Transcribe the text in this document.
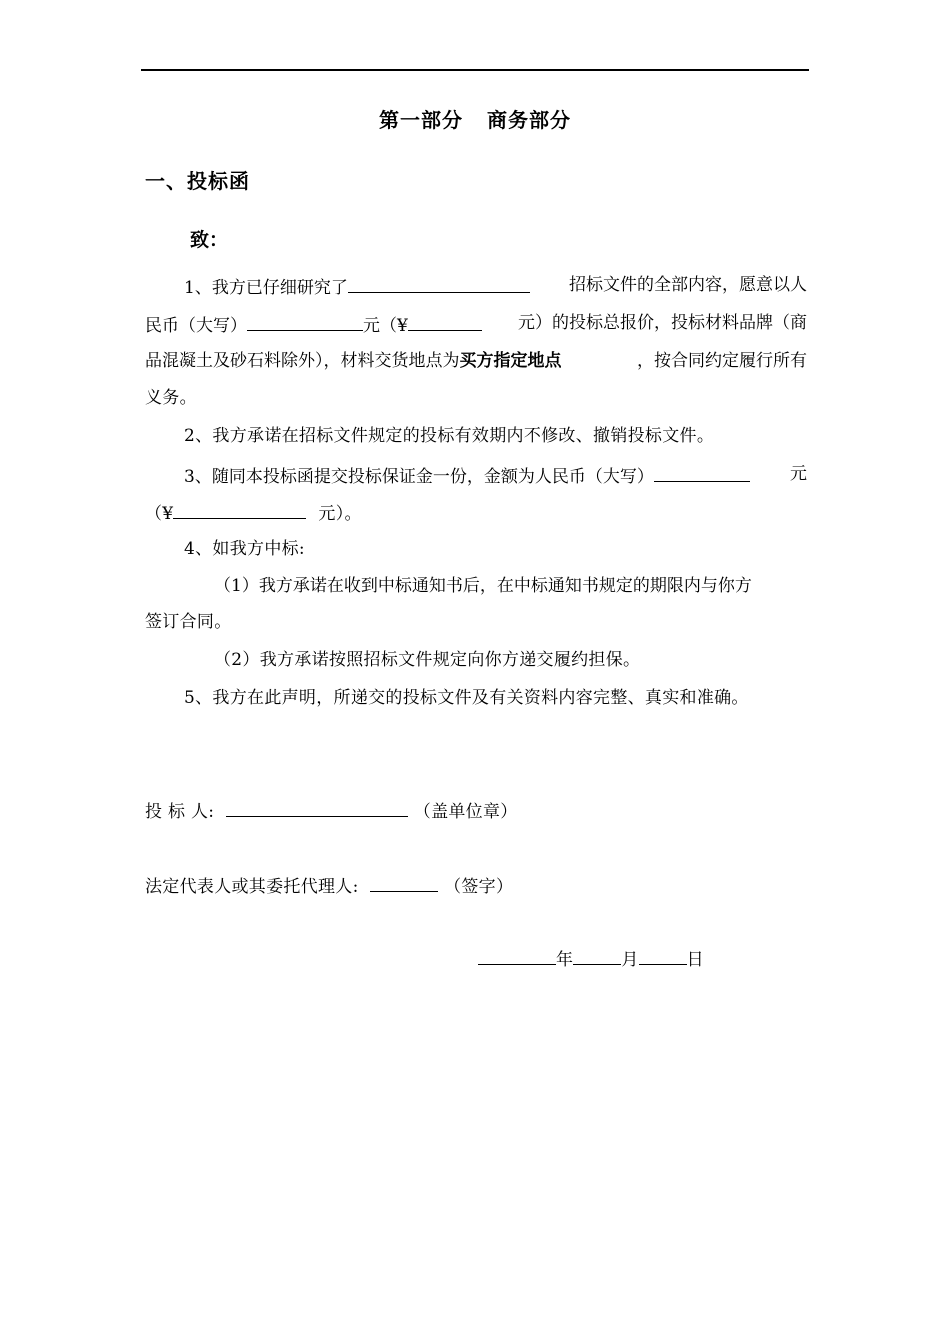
第一部分 商务部分
一、投标函
致：
1、我方已仔细研究了	招标文件的全部内容，愿意以人
民币（大写）	元（¥	元）的投标总报价，投标材料品牌（商
品混凝土及砂石料除外），材料交货地点为买方指定地点	，按合同约定履行所有
义务。
2、我方承诺在招标文件规定的投标有效期内不修改、撤销投标文件。
3、随同本投标函提交投标保证金一份，金额为人民币（大写）	元
（¥	元）。
4、如我方中标:
（1）我方承诺在收到中标通知书后，在中标通知书规定的期限内与你方
签订合同。
（2）我方承诺按照招标文件规定向你方递交履约担保。
5、我方在此声明，所递交的投标文件及有关资料内容完整、真实和准确。
投 标 人:	（盖单位章）
法定代表人或其委托代理人:	（签字）
年	月	日
